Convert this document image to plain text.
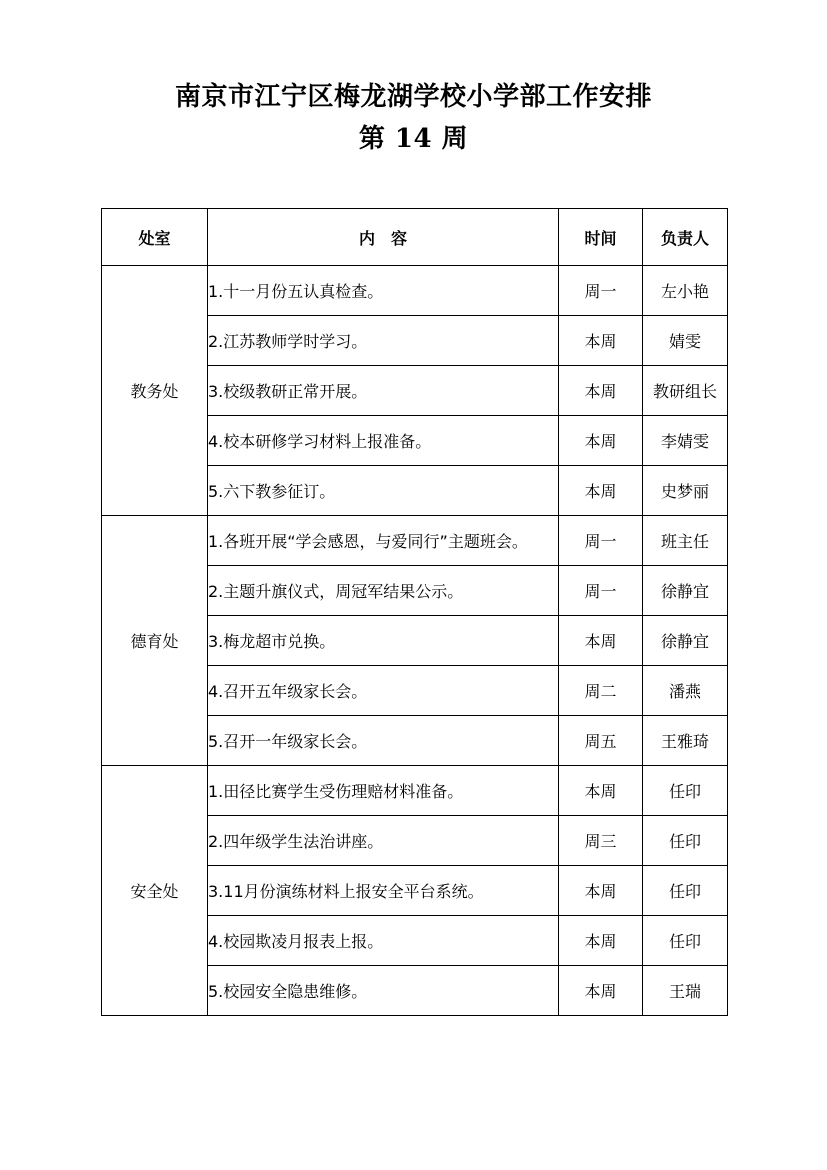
南京市江宁区梅龙湖学校小学部工作安排
第 14 周
处室	内　容	时间	负责人
教务处	1.十一月份五认真检查。	周一	左小艳
	2.江苏教师学时学习。	本周	婧雯
	3.校级教研正常开展。	本周	教研组长
	4.校本研修学习材料上报准备。	本周	李婧雯
	5.六下教参征订。	本周	史梦丽
德育处	1.各班开展“学会感恩，与爱同行”主题班会。	周一	班主任
	2.主题升旗仪式，周冠军结果公示。	周一	徐静宜
	3.梅龙超市兑换。	本周	徐静宜
	4.召开五年级家长会。	周二	潘燕
	5.召开一年级家长会。	周五	王雅琦
安全处	1.田径比赛学生受伤理赔材料准备。	本周	任印
	2.四年级学生法治讲座。	周三	任印
	3.11月份演练材料上报安全平台系统。	本周	任印
	4.校园欺凌月报表上报。	本周	任印
	5.校园安全隐患维修。	本周	王瑞
